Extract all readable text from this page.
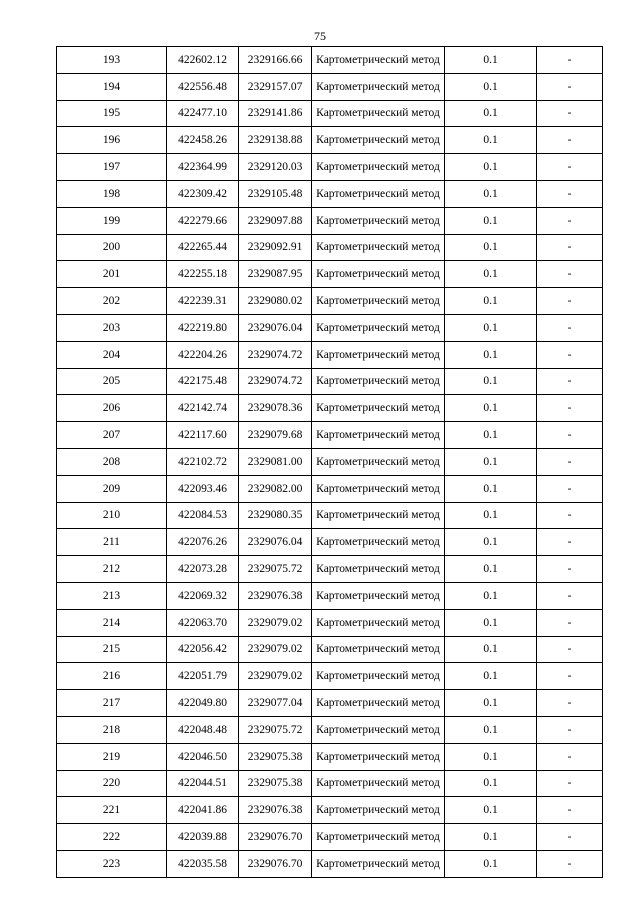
75
193	422602.12	2329166.66	Картометрический метод	0.1	-
194	422556.48	2329157.07	Картометрический метод	0.1	-
195	422477.10	2329141.86	Картометрический метод	0.1	-
196	422458.26	2329138.88	Картометрический метод	0.1	-
197	422364.99	2329120.03	Картометрический метод	0.1	-
198	422309.42	2329105.48	Картометрический метод	0.1	-
199	422279.66	2329097.88	Картометрический метод	0.1	-
200	422265.44	2329092.91	Картометрический метод	0.1	-
201	422255.18	2329087.95	Картометрический метод	0.1	-
202	422239.31	2329080.02	Картометрический метод	0.1	-
203	422219.80	2329076.04	Картометрический метод	0.1	-
204	422204.26	2329074.72	Картометрический метод	0.1	-
205	422175.48	2329074.72	Картометрический метод	0.1	-
206	422142.74	2329078.36	Картометрический метод	0.1	-
207	422117.60	2329079.68	Картометрический метод	0.1	-
208	422102.72	2329081.00	Картометрический метод	0.1	-
209	422093.46	2329082.00	Картометрический метод	0.1	-
210	422084.53	2329080.35	Картометрический метод	0.1	-
211	422076.26	2329076.04	Картометрический метод	0.1	-
212	422073.28	2329075.72	Картометрический метод	0.1	-
213	422069.32	2329076.38	Картометрический метод	0.1	-
214	422063.70	2329079.02	Картометрический метод	0.1	-
215	422056.42	2329079.02	Картометрический метод	0.1	-
216	422051.79	2329079.02	Картометрический метод	0.1	-
217	422049.80	2329077.04	Картометрический метод	0.1	-
218	422048.48	2329075.72	Картометрический метод	0.1	-
219	422046.50	2329075.38	Картометрический метод	0.1	-
220	422044.51	2329075.38	Картометрический метод	0.1	-
221	422041.86	2329076.38	Картометрический метод	0.1	-
222	422039.88	2329076.70	Картометрический метод	0.1	-
223	422035.58	2329076.70	Картометрический метод	0.1	-
